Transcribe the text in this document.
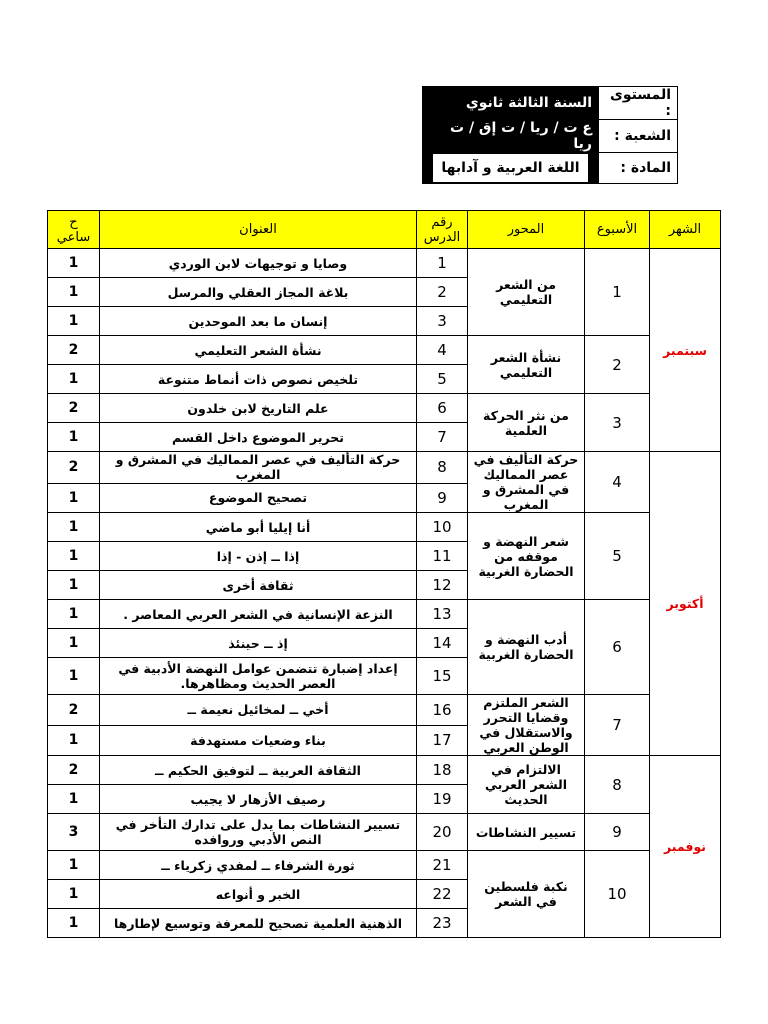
المستوى :	السنة الثالثة ثانوي
الشعبة :	ع ت / ريا / ت إق / ت ريا
المادة :	اللغة العربية و آدابها
الشهر	الأسبوع	المحور	رقم الدرس	العنوان	ح ساعي
سبتمبر	1	من الشعر التعليمي	1	وصايا و توجيهات لابن الوردي	1
			2	بلاغة المجاز العقلي والمرسل	1
			3	إنسان ما بعد الموحدين	1
	2	نشأة الشعر التعليمي	4	نشأة الشعر التعليمي	2
			5	تلخيص نصوص ذات أنماط متنوعة	1
	3	من نثر الحركة العلمية	6	علم التاريخ لابن خلدون	2
			7	تحرير الموضوع داخل القسم	1
أكتوبر	4	حركة التأليف في عصر المماليك في المشرق و المغرب	8	حركة التأليف في عصر المماليك في المشرق و المغرب	2
			9	تصحيح الموضوع	1
	5	شعر النهضة و موقفه من الحضارة الغربية	10	أنا إيليا أبو ماضي	1
			11	إذا ــ إذن - إذا	1
			12	ثقافة أخرى	1
	6	أدب النهضة و الحضارة الغربية	13	النزعة الإنسانية في الشعر العربي المعاصر .	1
			14	إذ ــ حينئذ	1
			15	إعداد إضبارة تتضمن عوامل النهضة الأدبية في العصر الحديث ومظاهرها.	1
	7	الشعر الملتزم وقضايا التحرر والاستقلال في الوطن العربي	16	أخي ــ لمخائيل نعيمة ــ	2
			17	بناء وضعيات مستهدفة	1
نوفمبر	8	الالتزام في الشعر العربي الحديث	18	الثقافة العربية ــ لتوفيق الحكيم ــ	2
			19	رصيف الأزهار لا يجيب	1
	9	تسيير النشاطات	20	تسيير النشاطات بما يدل على تدارك التأخر في النص الأدبي وروافده	3
	10	نكبة فلسطين في الشعر	21	ثورة الشرفاء ــ لمفدي زكرياء ــ	1
			22	الخبر و أنواعه	1
			23	الذهنية العلمية تصحيح للمعرفة وتوسيع لإطارها	1
